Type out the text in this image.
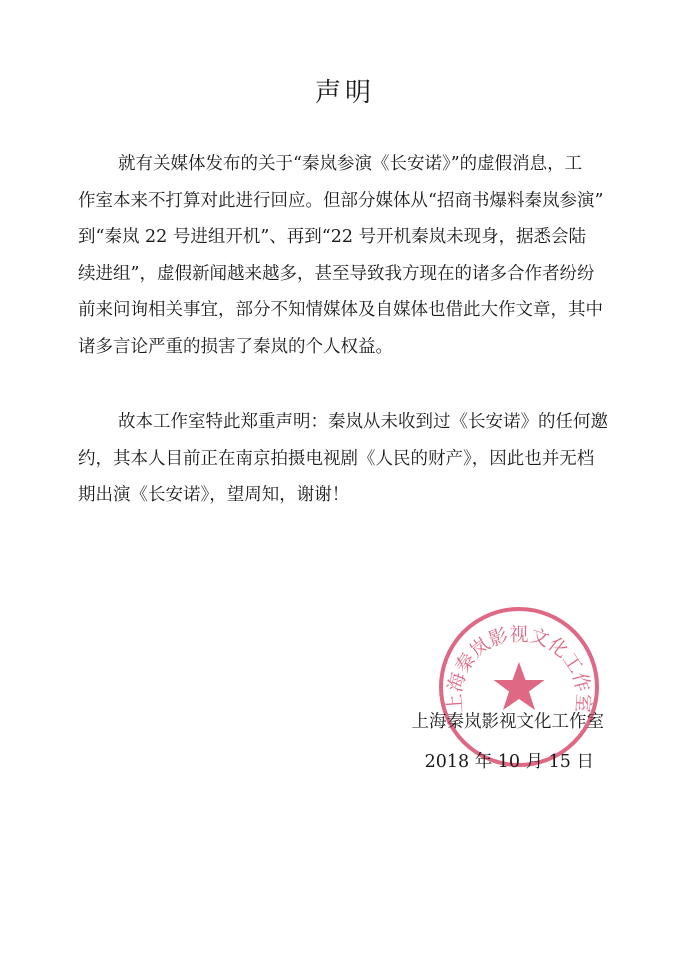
声明
就有关媒体发布的关于“秦岚参演《长安诺》”的虚假消息，工
作室本来不打算对此进行回应。但部分媒体从“招商书爆料秦岚参演”
到“秦岚 22 号进组开机”、再到“22 号开机秦岚未现身，据悉会陆
续进组”，虚假新闻越来越多，甚至导致我方现在的诸多合作者纷纷
前来问询相关事宜，部分不知情媒体及自媒体也借此大作文章，其中
诸多言论严重的损害了秦岚的个人权益。
故本工作室特此郑重声明：秦岚从未收到过《长安诺》的任何邀
约，其本人目前正在南京拍摄电视剧《人民的财产》，因此也并无档
期出演《长安诺》，望周知，谢谢！
上海秦岚影视文化工作室
上海秦岚影视文化工作室
2018 年 10 月 15 日
